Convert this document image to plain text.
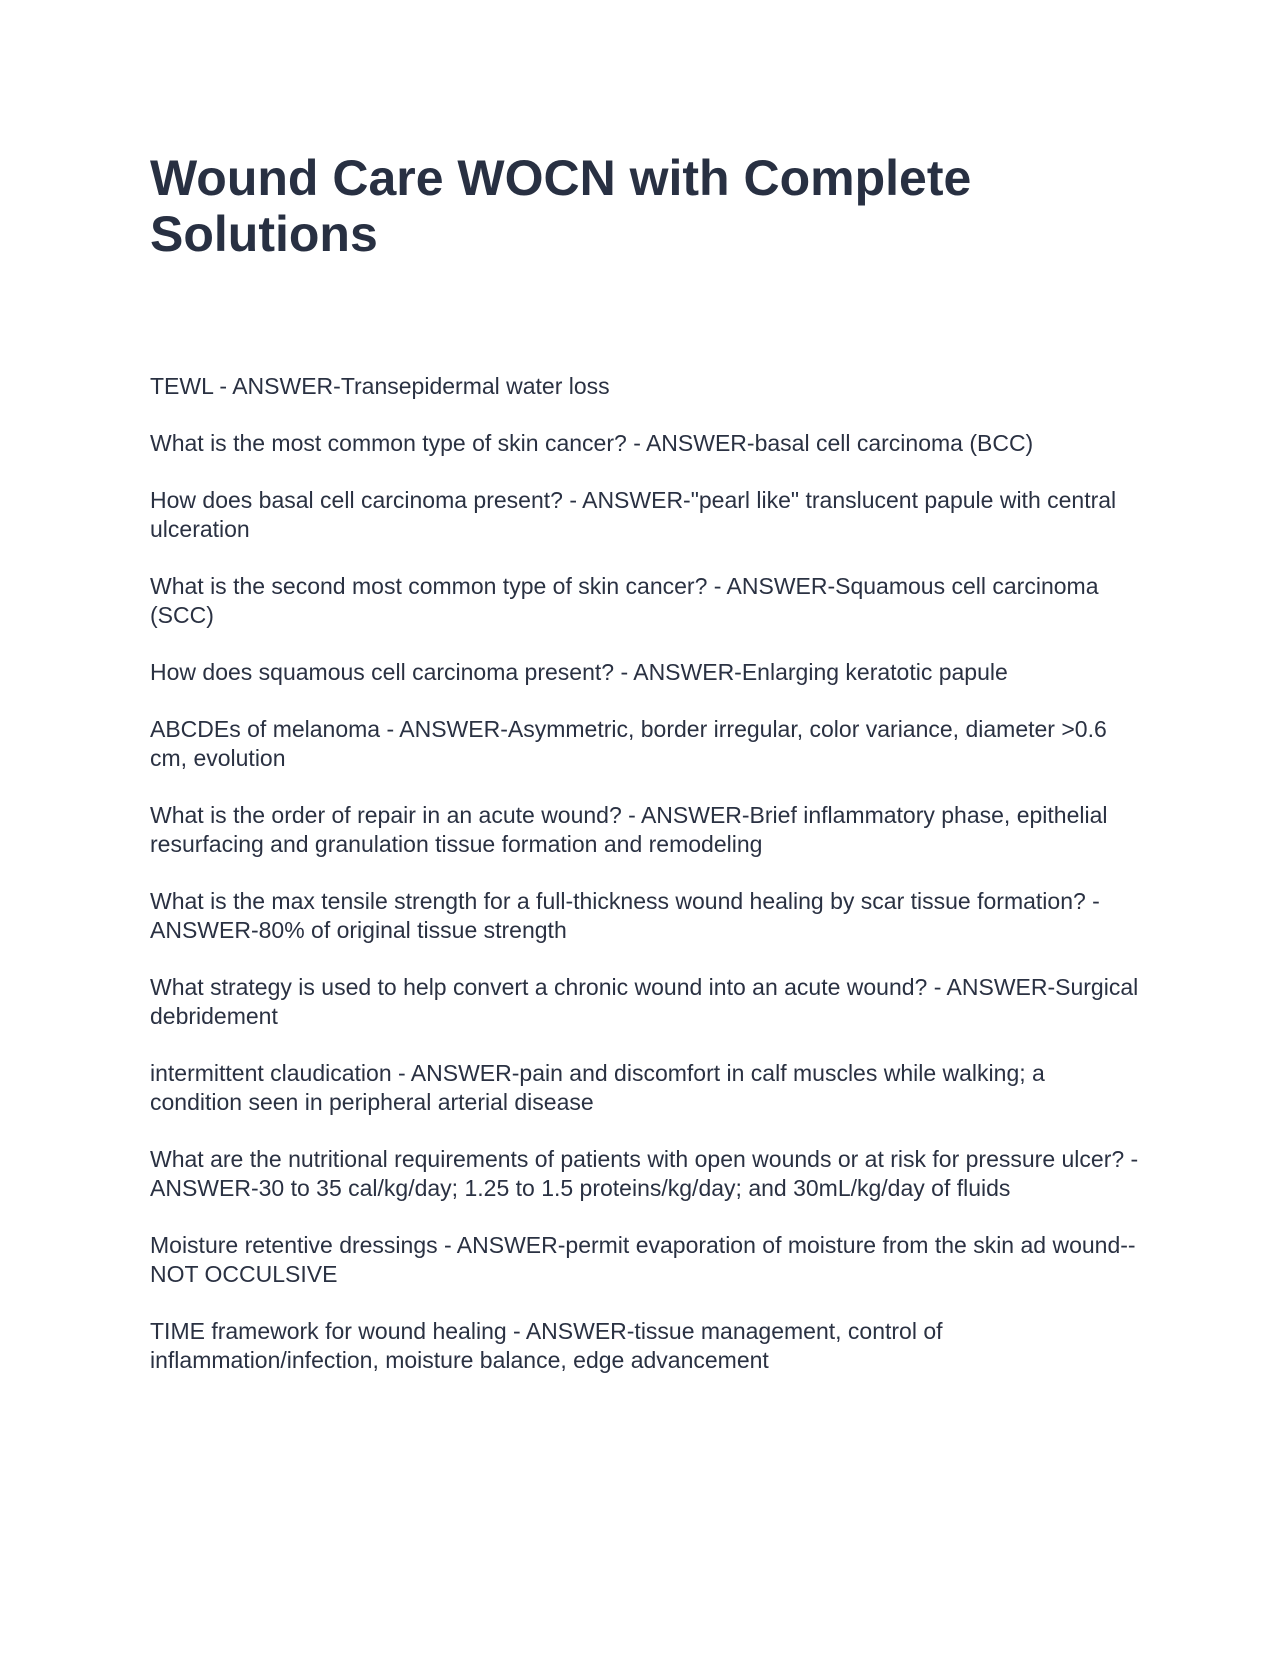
Wound Care WOCN with Complete Solutions
TEWL - ANSWER-Transepidermal water loss
What is the most common type of skin cancer? - ANSWER-basal cell carcinoma (BCC)
How does basal cell carcinoma present? - ANSWER-"pearl like" translucent papule with central ulceration
What is the second most common type of skin cancer? - ANSWER-Squamous cell carcinoma (SCC)
How does squamous cell carcinoma present? - ANSWER-Enlarging keratotic papule
ABCDEs of melanoma - ANSWER-Asymmetric, border irregular, color variance, diameter >0.6 cm, evolution
What is the order of repair in an acute wound? - ANSWER-Brief inflammatory phase, epithelial resurfacing and granulation tissue formation and remodeling
What is the max tensile strength for a full-thickness wound healing by scar tissue formation? - ANSWER-80% of original tissue strength
What strategy is used to help convert a chronic wound into an acute wound? - ANSWER-Surgical debridement
intermittent claudication - ANSWER-pain and discomfort in calf muscles while walking; a condition seen in peripheral arterial disease
What are the nutritional requirements of patients with open wounds or at risk for pressure ulcer? - ANSWER-30 to 35 cal/kg/day; 1.25 to 1.5 proteins/kg/day; and 30mL/kg/day of fluids
Moisture retentive dressings - ANSWER-permit evaporation of moisture from the skin ad wound--NOT OCCULSIVE
TIME framework for wound healing - ANSWER-tissue management, control of inflammation/infection, moisture balance, edge advancement
